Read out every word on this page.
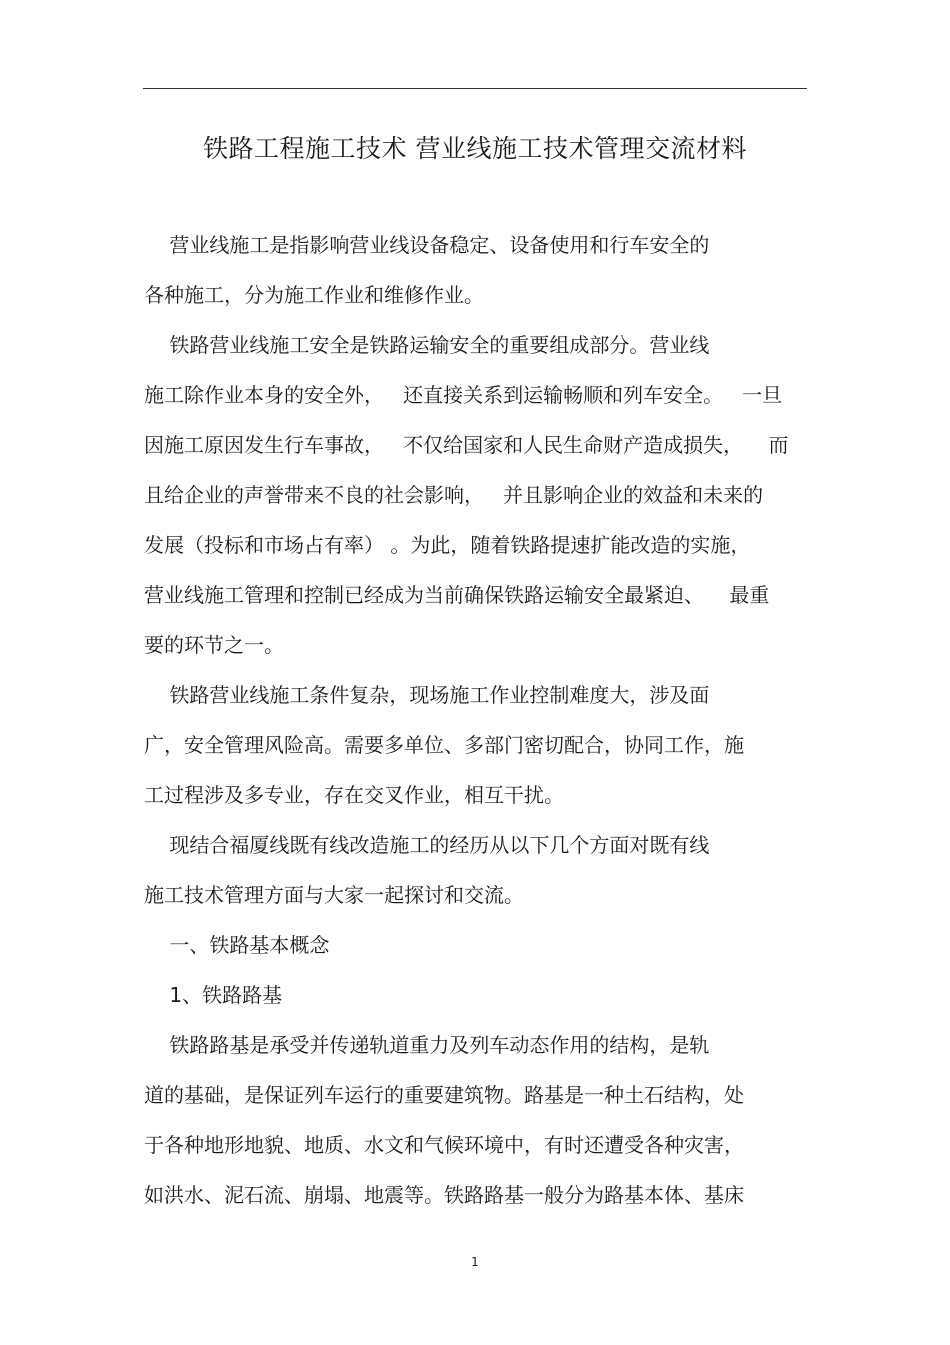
铁路工程施工技术 营业线施工技术管理交流材料
营业线施工是指影响营业线设备稳定、设备使用和行车安全的
各种施工，分为施工作业和维修作业。
铁路营业线施工安全是铁路运输安全的重要组成部分。营业线
施工除作业本身的安全外，   还直接关系到运输畅顺和列车安全。   一旦
因施工原因发生行车事故，   不仅给国家和人民生命财产造成损失，    而
且给企业的声誉带来不良的社会影响，   并且影响企业的效益和未来的
发展（投标和市场占有率） 。为此，随着铁路提速扩能改造的实施，
营业线施工管理和控制已经成为当前确保铁路运输安全最紧迫、    最重
要的环节之一。
铁路营业线施工条件复杂，现场施工作业控制难度大，涉及面
广，安全管理风险高。需要多单位、多部门密切配合，协同工作，施
工过程涉及多专业，存在交叉作业，相互干扰。
现结合福厦线既有线改造施工的经历从以下几个方面对既有线
施工技术管理方面与大家一起探讨和交流。
一、铁路基本概念
1、铁路路基
铁路路基是承受并传递轨道重力及列车动态作用的结构，是轨
道的基础，是保证列车运行的重要建筑物。路基是一种土石结构，处
于各种地形地貌、地质、水文和气候环境中，有时还遭受各种灾害，
如洪水、泥石流、崩塌、地震等。铁路路基一般分为路基本体、基床
1
